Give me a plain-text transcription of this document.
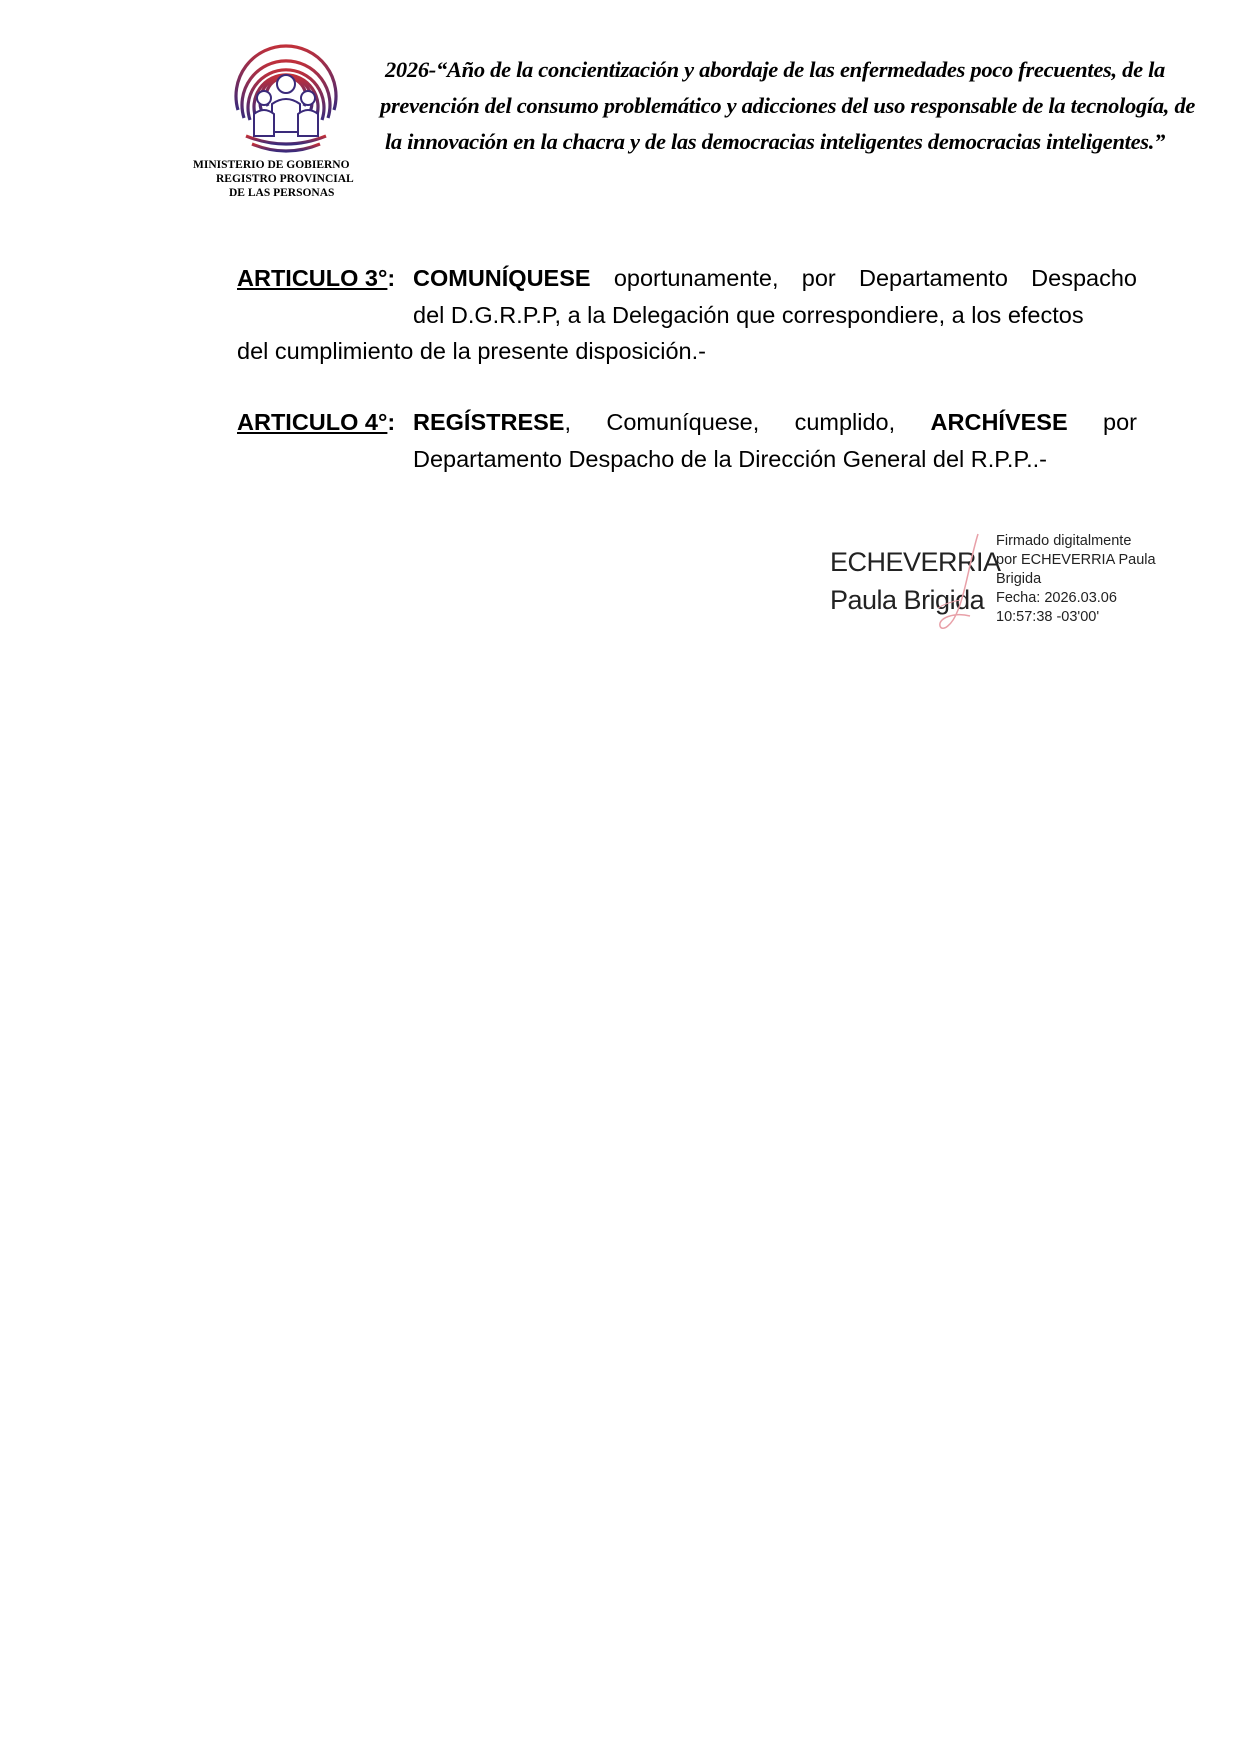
MINISTERIO DE GOBIERNO
REGISTRO PROVINCIAL
DE LAS PERSONAS
2026-“Año de la concientización y abordaje de las enfermedades poco frecuentes, de la
prevención del consumo problemático y adicciones del uso responsable de la tecnología, de
la innovación en la chacra y de las democracias inteligentes democracias inteligentes.”
ARTICULO 3°: COMUNÍQUESE oportunamente, por Departamento Despacho
del D.G.R.P.P, a la Delegación que correspondiere, a los efectos
del cumplimiento de la presente disposición.-
ARTICULO 4°: REGÍSTRESE, Comuníquese, cumplido, ARCHÍVESE por
Departamento Despacho de la Dirección General del R.P.P..-
ECHEVERRIA
Paula Brigida
Firmado digitalmente
por ECHEVERRIA Paula
Brigida
Fecha: 2026.03.06
10:57:38 -03'00'
